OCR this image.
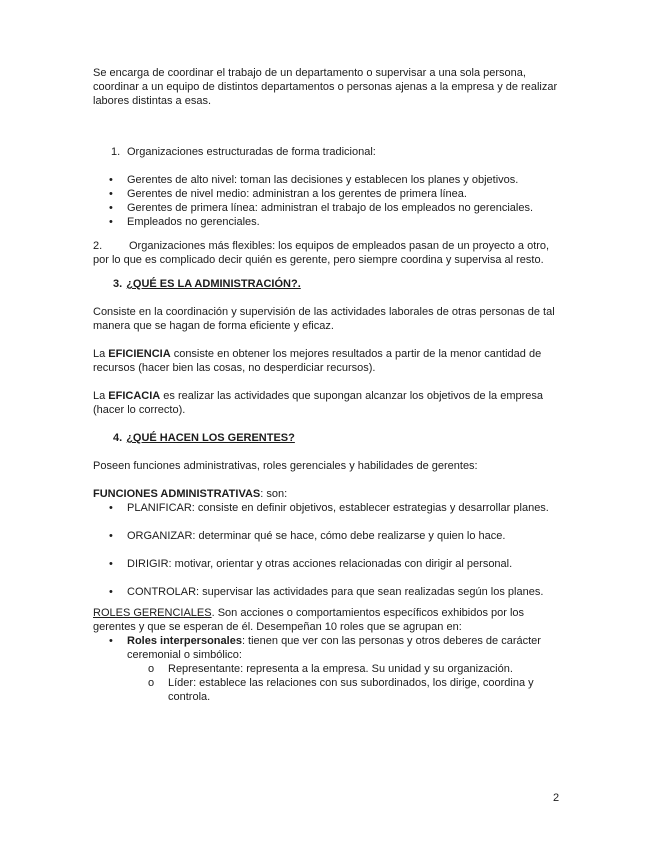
Se encarga de coordinar el trabajo de un departamento o supervisar a una sola persona, coordinar a un equipo de distintos departamentos o personas ajenas a la empresa y de realizar labores distintas a esas.

1. Organizaciones estructuradas de forma tradicional:
•	Gerentes de alto nivel: toman las decisiones y establecen los planes y objetivos.
•	Gerentes de nivel medio: administran a los gerentes de primera línea.
•	Gerentes de primera línea: administran el trabajo de los empleados no gerenciales.
•	Empleados no gerenciales.

2. Organizaciones más flexibles: los equipos de empleados pasan de un proyecto a otro, por lo que es complicado decir quién es gerente, pero siempre coordina y supervisa al resto.

3. ¿QUÉ ES LA ADMINISTRACIÓN?.

Consiste en la coordinación y supervisión de las actividades laborales de otras personas de tal manera que se hagan de forma eficiente y eficaz.

La EFICIENCIA consiste en obtener los mejores resultados a partir de la menor cantidad de recursos (hacer bien las cosas, no desperdiciar recursos).

La EFICACIA es realizar las actividades que supongan alcanzar los objetivos de la empresa (hacer lo correcto).

4. ¿QUÉ HACEN LOS GERENTES?

Poseen funciones administrativas, roles gerenciales y habilidades de gerentes:

FUNCIONES ADMINISTRATIVAS: son:

•	PLANIFICAR: consiste en definir objetivos, establecer estrategias y desarrollar planes.
•	ORGANIZAR: determinar qué se hace, cómo debe realizarse y quien lo hace.
•	DIRIGIR: motivar, orientar y otras acciones relacionadas con dirigir al personal.
•	CONTROLAR: supervisar las actividades para que sean realizadas según los planes.

ROLES GERENCIALES. Son acciones o comportamientos específicos exhibidos por los gerentes y que se esperan de él. Desempeñan 10 roles que se agrupan en:

•	Roles interpersonales: tienen que ver con las personas y otros deberes de carácter ceremonial o simbólico:
o	Representante: representa a la empresa. Su unidad y su organización.
o	Líder: establece las relaciones con sus subordinados, los dirige, coordina y controla.
2
